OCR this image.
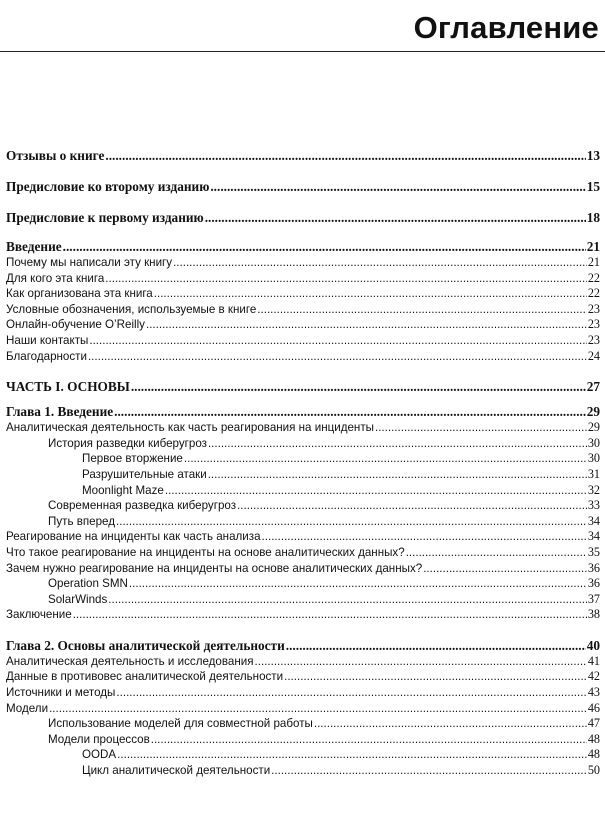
Оглавление
Отзывы о книге .....	13
Предисловие ко второму изданию .....	15
Предисловие к первому изданию .....	18
Введение .....	21
Почему мы написали эту книгу .....	21
Для кого эта книга .....	22
Как организована эта книга .....	22
Условные обозначения, используемые в книге .....	23
Онлайн-обучение O’Reilly .....	23
Наши контакты .....	23
Благодарности .....	24
ЧАСТЬ I. ОСНОВЫ .....	27
Глава 1. Введение .....	29
Аналитическая деятельность как часть реагирования на инциденты .....	29
История разведки киберугроз .....	30
Первое вторжение .....	30
Разрушительные атаки .....	31
Moonlight Maze .....	32
Современная разведка киберугроз .....	33
Путь вперед .....	34
Реагирование на инциденты как часть анализа .....	34
Что такое реагирование на инциденты на основе аналитических данных? .....	35
Зачем нужно реагирование на инциденты на основе аналитических данных? .....	36
Operation SMN .....	36
SolarWinds .....	37
Заключение .....	38
Глава 2. Основы аналитической деятельности .....	40
Аналитическая деятельность и исследования .....	41
Данные в противовес аналитической деятельности .....	42
Источники и методы .....	43
Модели .....	46
Использование моделей для совместной работы .....	47
Модели процессов .....	48
OODA .....	48
Цикл аналитической деятельности .....	50
